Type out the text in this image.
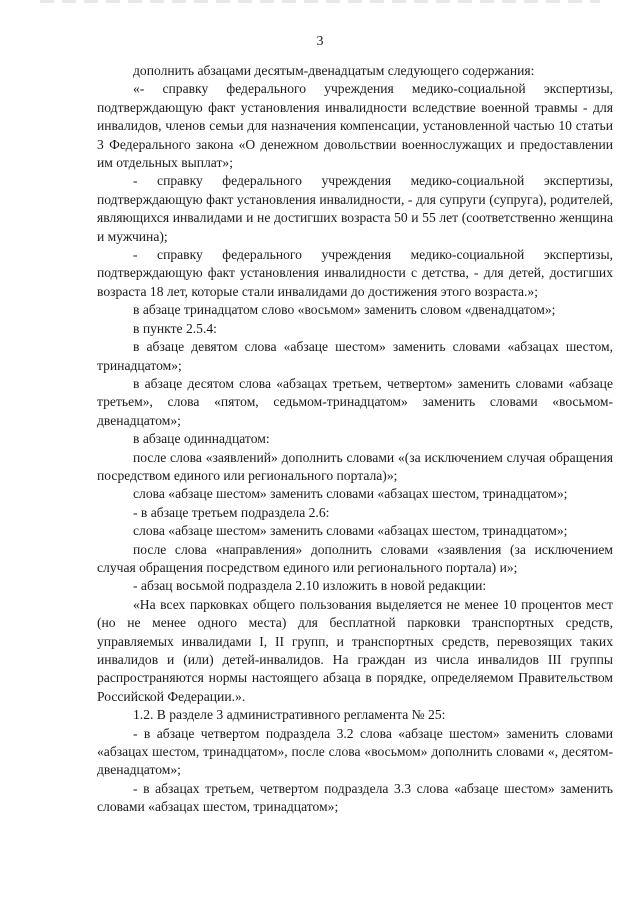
3

дополнить абзацами десятым-двенадцатым следующего содержания:

«- справку федерального учреждения медико-социальной экспертизы, подтверждающую факт установления инвалидности вследствие военной травмы - для инвалидов, членов семьи для назначения компенсации, установленной частью 10 статьи 3 Федерального закона «О денежном довольствии военнослужащих и предоставлении им отдельных выплат»;

- справку федерального учреждения медико-социальной экспертизы, подтверждающую факт установления инвалидности, - для супруги (супруга), родителей, являющихся инвалидами и не достигших возраста 50 и 55 лет (соответственно женщина и мужчина);

- справку федерального учреждения медико-социальной экспертизы, подтверждающую факт установления инвалидности с детства, - для детей, достигших возраста 18 лет, которые стали инвалидами до достижения этого возраста.»;

в абзаце тринадцатом слово «восьмом» заменить словом «двенадцатом»;

в пункте 2.5.4:

в абзаце девятом слова «абзаце шестом» заменить словами «абзацах шестом, тринадцатом»;

в абзаце десятом слова «абзацах третьем, четвертом» заменить словами «абзаце третьем», слова «пятом, седьмом-тринадцатом» заменить словами «восьмом-двенадцатом»;

в абзаце одиннадцатом:

после слова «заявлений» дополнить словами «(за исключением случая обращения посредством единого или регионального портала)»;

слова «абзаце шестом» заменить словами «абзацах шестом, тринадцатом»;

- в абзаце третьем подраздела 2.6:

слова «абзаце шестом» заменить словами «абзацах шестом, тринадцатом»;

после слова «направления» дополнить словами «заявления (за исключением случая обращения посредством единого или регионального портала) и»;

- абзац восьмой подраздела 2.10 изложить в новой редакции:

«На всех парковках общего пользования выделяется не менее 10 процентов мест (но не менее одного места) для бесплатной парковки транспортных средств, управляемых инвалидами I, II групп, и транспортных средств, перевозящих таких инвалидов и (или) детей-инвалидов. На граждан из числа инвалидов III группы распространяются нормы настоящего абзаца в порядке, определяемом Правительством Российской Федерации.».

1.2. В разделе 3 административного регламента № 25:

- в абзаце четвертом подраздела 3.2 слова «абзаце шестом» заменить словами «абзацах шестом, тринадцатом», после слова «восьмом» дополнить словами «, десятом-двенадцатом»;

- в абзацах третьем, четвертом подраздела 3.3 слова «абзаце шестом» заменить словами «абзацах шестом, тринадцатом»;
